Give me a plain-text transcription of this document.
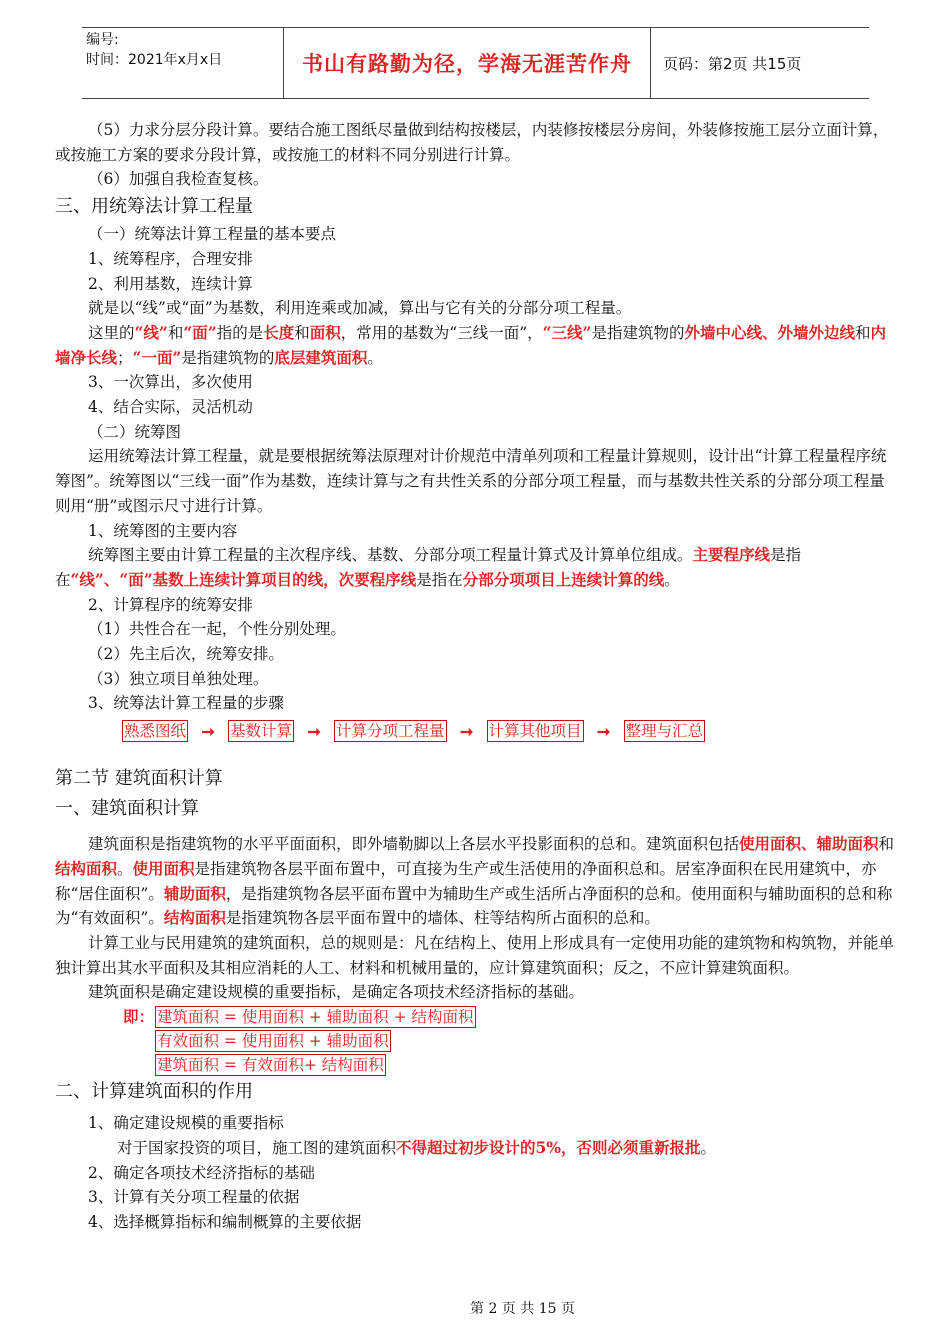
编号:
时间：2021年x月x日	书山有路勤为径，学海无涯苦作舟	页码：第2页 共15页

（5）力求分层分段计算。要结合施工图纸尽量做到结构按楼层，内装修按楼层分房间，外装修按施工层分立面计算，或按施工方案的要求分段计算，或按施工的材料不同分别进行计算。

（6）加强自我检查复核。

三、用统筹法计算工程量

（一）统筹法计算工程量的基本要点

1、统筹程序，合理安排

2、利用基数，连续计算

就是以“线”或“面”为基数，利用连乘或加减，算出与它有关的分部分项工程量。

这里的“线”和“面”指的是长度和面积，常用的基数为“三线一面”，“三线”是指建筑物的外墙中心线、外墙外边线和内墙净长线；“一面”是指建筑物的底层建筑面积。

3、一次算出，多次使用

4、结合实际，灵活机动

（二）统筹图

运用统筹法计算工程量，就是要根据统筹法原理对计价规范中清单列项和工程量计算规则，设计出“计算工程量程序统筹图”。统筹图以“三线一面”作为基数，连续计算与之有共性关系的分部分项工程量，而与基数共性关系的分部分项工程量则用“册”或图示尺寸进行计算。

1、统筹图的主要内容

统筹图主要由计算工程量的主次程序线、基数、分部分项工程量计算式及计算单位组成。主要程序线是指在“线”、“面”基数上连续计算项目的线，次要程序线是指在分部分项项目上连续计算的线。

2、计算程序的统筹安排

（1）共性合在一起，个性分别处理。

（2）先主后次，统筹安排。

（3）独立项目单独处理。

3、统筹法计算工程量的步骤

熟悉图纸 ➞ 基数计算 ➞ 计算分项工程量 ➞ 计算其他项目 ➞ 整理与汇总

第二节 建筑面积计算

一、建筑面积计算

建筑面积是指建筑物的水平平面面积，即外墙勒脚以上各层水平投影面积的总和。建筑面积包括使用面积、辅助面积和结构面积。使用面积是指建筑物各层平面布置中，可直接为生产或生活使用的净面积总和。居室净面积在民用建筑中，亦称“居住面积”。辅助面积，是指建筑物各层平面布置中为辅助生产或生活所占净面积的总和。使用面积与辅助面积的总和称为“有效面积”。结构面积是指建筑物各层平面布置中的墙体、柱等结构所占面积的总和。

计算工业与民用建筑的建筑面积，总的规则是：凡在结构上、使用上形成具有一定使用功能的建筑物和构筑物，并能单独计算出其水平面积及其相应消耗的人工、材料和机械用量的，应计算建筑面积；反之，不应计算建筑面积。

建筑面积是确定建设规模的重要指标，是确定各项技术经济指标的基础。

即： 建筑面积 = 使用面积 + 辅助面积 + 结构面积
有效面积 = 使用面积 + 辅助面积
建筑面积 = 有效面积+ 结构面积

二、计算建筑面积的作用

1、确定建设规模的重要指标

对于国家投资的项目，施工图的建筑面积不得超过初步设计的5%，否则必须重新报批。

2、确定各项技术经济指标的基础

3、计算有关分项工程量的依据

4、选择概算指标和编制概算的主要依据

第 2 页 共 15 页
